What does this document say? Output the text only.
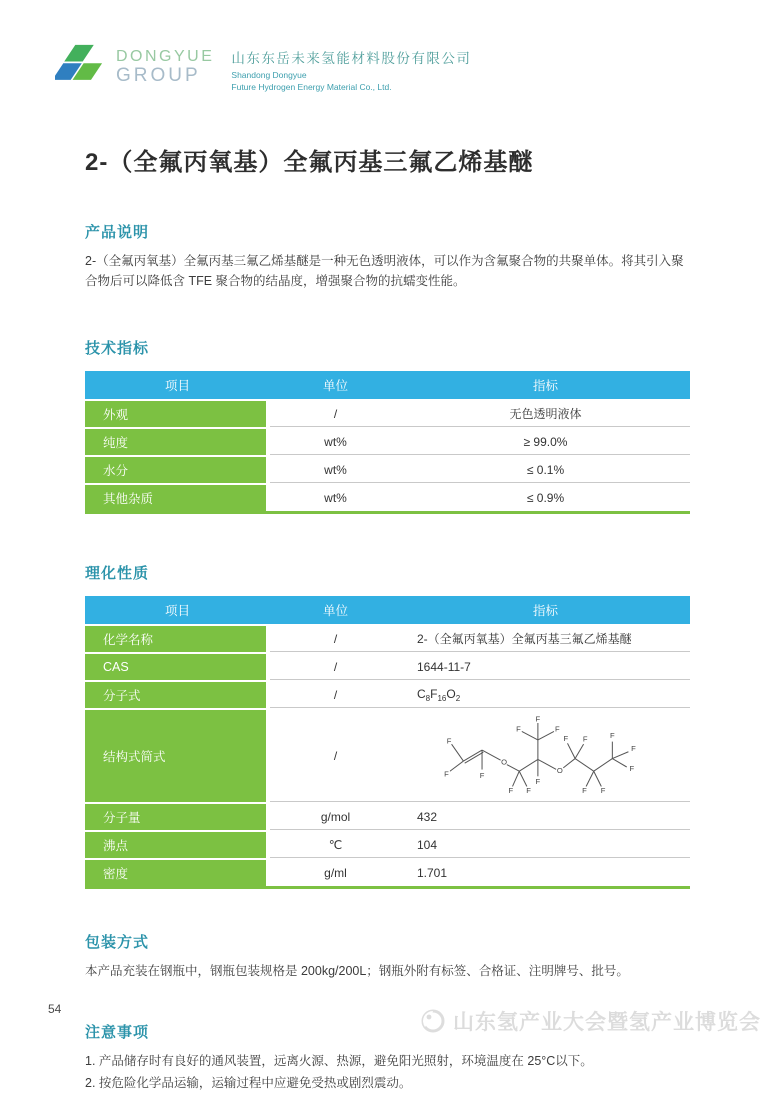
DONGYUE
GROUP
山东东岳未来氢能材料股份有限公司
Shandong Dongyue
Future Hydrogen Energy Material Co., Ltd.
2-（全氟丙氧基）全氟丙基三氟乙烯基醚
产品说明

2-（全氟丙氧基）全氟丙基三氟乙烯基醚是一种无色透明液体，可以作为含氟聚合物的共聚单体。将其引入聚合物后可以降低含 TFE 聚合物的结晶度，增强聚合物的抗蠕变性能。

技术指标
项目	单位	指标
外观	/	无色透明液体
纯度	wt%	≥ 99.0%
水分	wt%	≤ 0.1%
其他杂质	wt%	≤ 0.9%
理化性质
项目	单位	指标
化学名称	/	2-（全氟丙氧基）全氟丙基三氟乙烯基醚
CAS	/	1644-11-7
分子式	/	$C_8F_{16}O_2$
结构式简式	/
F
F	F
O
F F
F
F
F	F
O
F F
F F
F
F
F
分子量	g/mol	432
沸点	℃	104
密度	g/ml	1.701
包装方式

本产品充装在钢瓶中，钢瓶包装规格是 200kg/200L；钢瓶外附有标签、合格证、注明牌号、批号。

注意事项
1. 产品储存时有良好的通风装置，远离火源、热源，避免阳光照射，环境温度在 25°C以下。
2. 按危险化学品运输，运输过程中应避免受热或剧烈震动。
54
山东氢产业大会暨氢产业博览会
